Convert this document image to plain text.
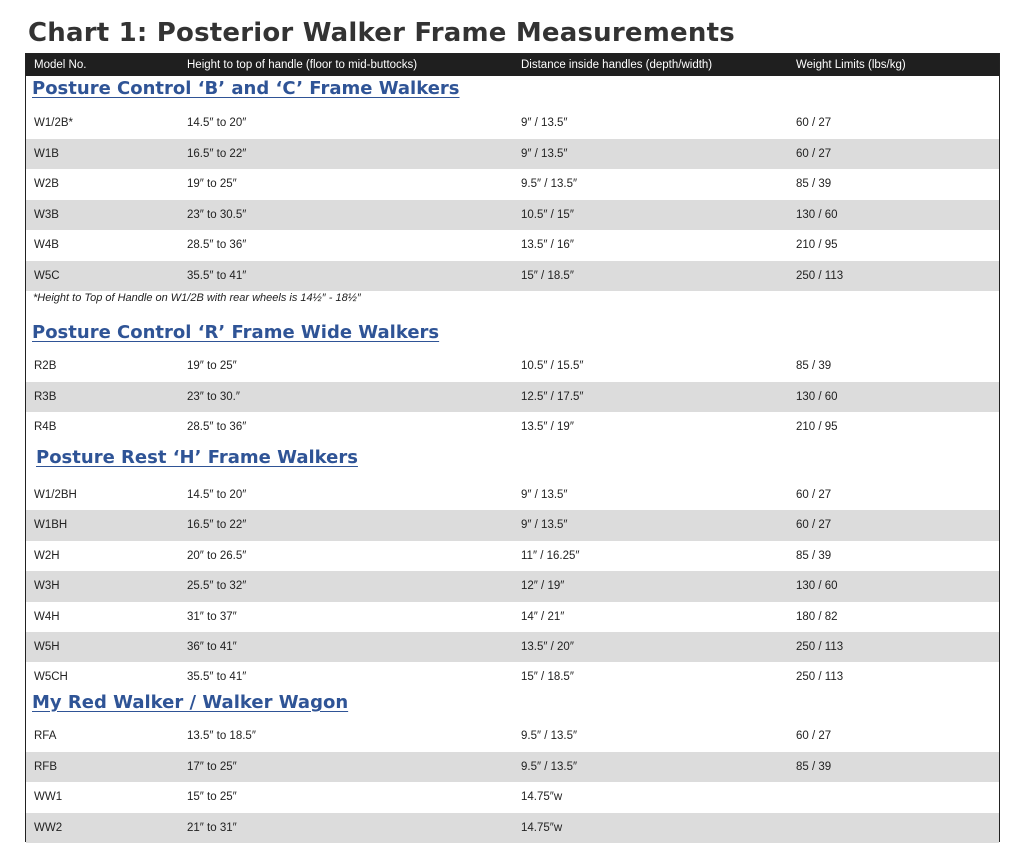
Chart 1: Posterior Walker Frame Measurements
Model No.	Height to top of handle (floor to mid-buttocks)	Distance inside handles (depth/width)	Weight Limits (lbs/kg)
Posture Control ‘B’ and ‘C’ Frame Walkers
W1/2B*	14.5″ to 20″	9″ / 13.5″	60 / 27
W1B	16.5″ to 22″	9″ / 13.5″	60 / 27
W2B	19″ to 25″	9.5″ / 13.5″	85 / 39
W3B	23″ to 30.5″	10.5″ / 15″	130 / 60
W4B	28.5″ to 36″	13.5″ / 16″	210 / 95
W5C	35.5″ to 41″	15″ / 18.5″	250 / 113
*Height to Top of Handle on W1/2B with rear wheels is 14½″ - 18½″
Posture Control ‘R’ Frame Wide Walkers
R2B	19″ to 25″	10.5″ / 15.5″	85 / 39
R3B	23″ to 30.″	12.5″ / 17.5″	130 / 60
R4B	28.5″ to 36″	13.5″ / 19″	210 / 95
Posture Rest ‘H’ Frame Walkers
W1/2BH	14.5″ to 20″	9″ / 13.5″	60 / 27
W1BH	16.5″ to 22″	9″ / 13.5″	60 / 27
W2H	20″ to 26.5″	11″ / 16.25″	85 / 39
W3H	25.5″ to 32″	12″ / 19″	130 / 60
W4H	31″ to 37″	14″ / 21″	180 / 82
W5H	36″ to 41″	13.5″ / 20″	250 / 113
W5CH	35.5″ to 41″	15″ / 18.5″	250 / 113
My Red Walker / Walker Wagon
RFA	13.5″ to 18.5″	9.5″ / 13.5″	60 / 27
RFB	17″ to 25″	9.5″ / 13.5″	85 / 39
WW1	15″ to 25″	14.75″w
WW2	21″ to 31″	14.75″w
